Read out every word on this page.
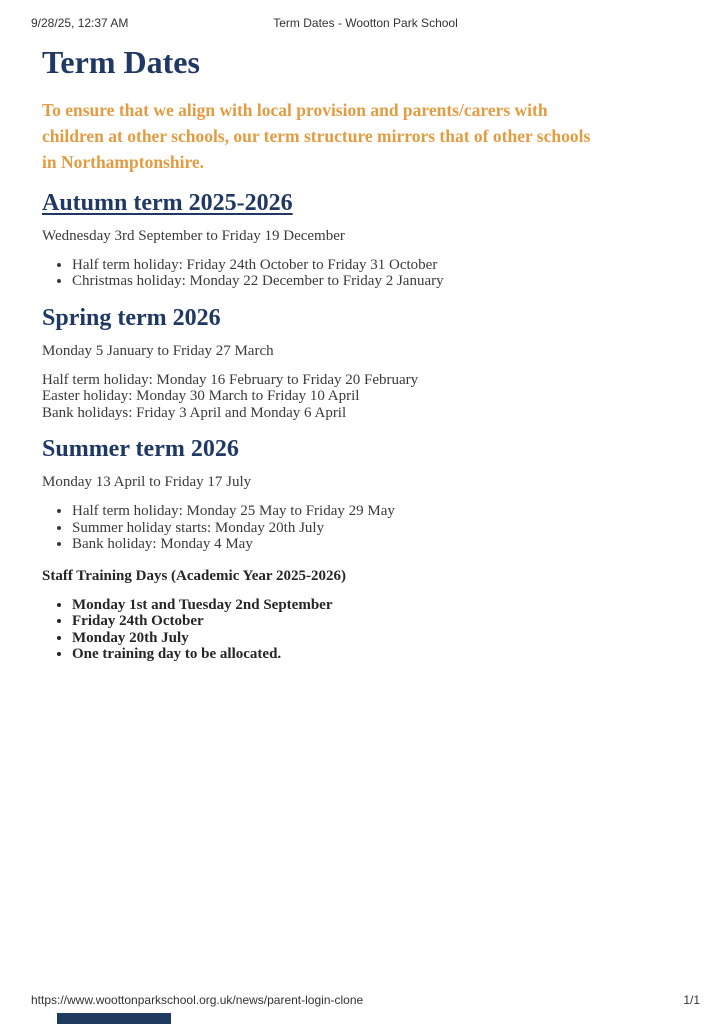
Term Dates - Wootton Park School
9/28/25, 12:37 AM
Term Dates

To ensure that we align with local provision and parents/carers with children at other schools, our term structure mirrors that of other schools in Northamptonshire.

Autumn term 2025-2026

Wednesday 3rd September to Friday 19 December

• Half term holiday: Friday 24th October to Friday 31 October
• Christmas holiday: Monday 22 December to Friday 2 January
Spring term 2026

Monday 5 January to Friday 27 March

Half term holiday: Monday 16 February to Friday 20 February
Easter holiday: Monday 30 March to Friday 10 April
Bank holidays: Friday 3 April and Monday 6 April
Summer term 2026

Monday 13 April to Friday 17 July

• Half term holiday: Monday 25 May to Friday 29 May
• Summer holiday starts: Monday 20th July
• Bank holiday: Monday 4 May

Staff Training Days (Academic Year 2025-2026)

• Monday 1st and Tuesday 2nd September
• Friday 24th October
• Monday 20th July
• One training day to be allocated.
https://www.woottonparkschool.org.uk/news/parent-login-clone	1/1
